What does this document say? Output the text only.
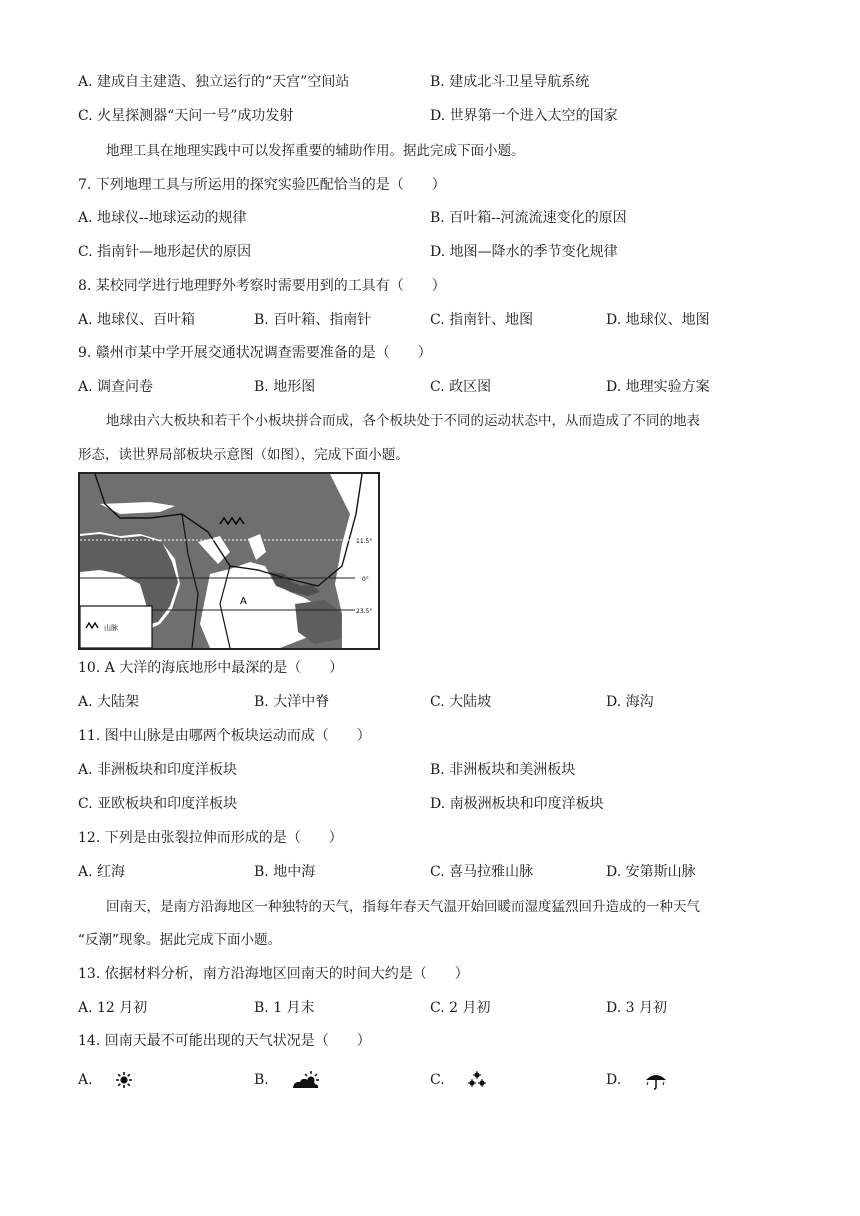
A. 建成自主建造、独立运行的“天宫”空间站	B. 建成北斗卫星导航系统
C. 火星探测器“天问一号”成功发射	D. 世界第一个进入太空的国家
地理工具在地理实践中可以发挥重要的辅助作用。据此完成下面小题。
7. 下列地理工具与所运用的探究实验匹配恰当的是（　　）
A. 地球仪--地球运动的规律	B. 百叶箱--河流流速变化的原因
C. 指南针—地形起伏的原因	D. 地图—降水的季节变化规律
8. 某校同学进行地理野外考察时需要用到的工具有（　　）
A. 地球仪、百叶箱	B. 百叶箱、指南针	C. 指南针、地图	D. 地球仪、地图
9. 赣州市某中学开展交通状况调查需要准备的是（　　）
A. 调查问卷	B. 地形图	C. 政区图	D. 地理实验方案
地球由六大板块和若干个小板块拼合而成，各个板块处于不同的运动状态中，从而造成了不同的地表
形态，读世界局部板块示意图（如图），完成下面小题。
A
11.5°
0°
23.5°
山脉
10. A 大洋的海底地形中最深的是（　　）
A. 大陆架	B. 大洋中脊	C. 大陆坡	D. 海沟
11. 图中山脉是由哪两个板块运动而成（　　）
A. 非洲板块和印度洋板块	B. 非洲板块和美洲板块
C. 亚欧板块和印度洋板块	D. 南极洲板块和印度洋板块
12. 下列是由张裂拉伸而形成的是（　　）
A. 红海	B. 地中海	C. 喜马拉雅山脉	D. 安第斯山脉
回南天，是南方沿海地区一种独特的天气，指每年春天气温开始回暖而湿度猛烈回升造成的一种天气
“反潮”现象。据此完成下面小题。
13. 依据材料分析，南方沿海地区回南天的时间大约是（　　）
A. 12 月初	B. 1 月末	C. 2 月初	D. 3 月初
14. 回南天最不可能出现的天气状况是（　　）
A.	B.	C.	D.
